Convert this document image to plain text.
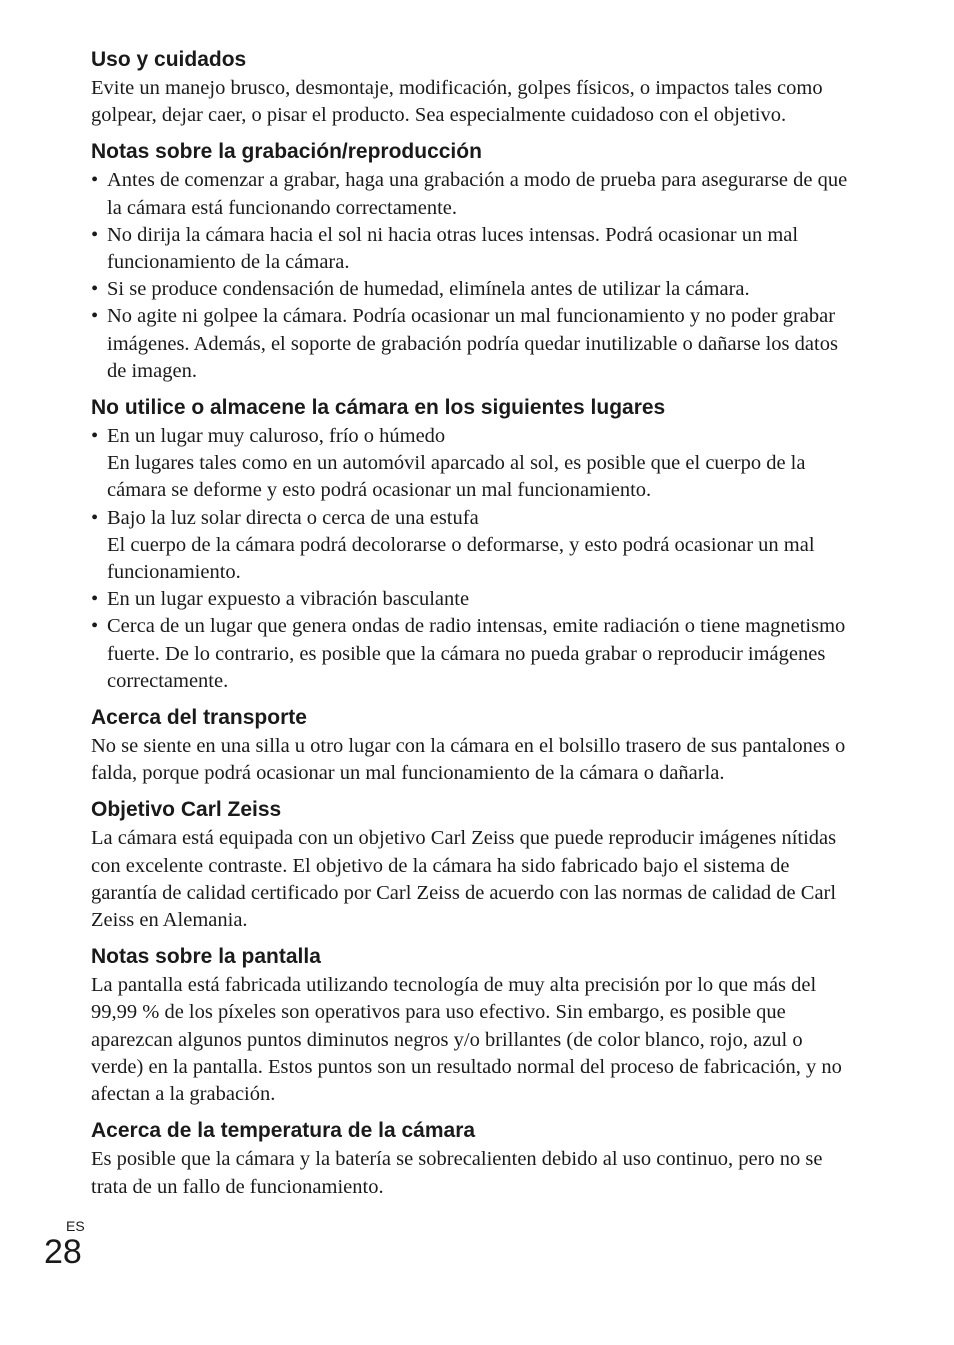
Uso y cuidados

Evite un manejo brusco, desmontaje, modificación, golpes físicos, o impactos tales como golpear, dejar caer, o pisar el producto. Sea especialmente cuidadoso con el objetivo.

Notas sobre la grabación/reproducción
• Antes de comenzar a grabar, haga una grabación a modo de prueba para asegurarse de que la cámara está funcionando correctamente.
• No dirija la cámara hacia el sol ni hacia otras luces intensas. Podrá ocasionar un mal funcionamiento de la cámara.
• Si se produce condensación de humedad, elimínela antes de utilizar la cámara.
• No agite ni golpee la cámara. Podría ocasionar un mal funcionamiento y no poder grabar imágenes. Además, el soporte de grabación podría quedar inutilizable o dañarse los datos de imagen.
No utilice o almacene la cámara en los siguientes lugares
• En un lugar muy caluroso, frío o húmedo
En lugares tales como en un automóvil aparcado al sol, es posible que el cuerpo de la cámara se deforme y esto podrá ocasionar un mal funcionamiento.
• Bajo la luz solar directa o cerca de una estufa
El cuerpo de la cámara podrá decolorarse o deformarse, y esto podrá ocasionar un mal funcionamiento.
• En un lugar expuesto a vibración basculante
• Cerca de un lugar que genera ondas de radio intensas, emite radiación o tiene magnetismo fuerte. De lo contrario, es posible que la cámara no pueda grabar o reproducir imágenes correctamente.
Acerca del transporte

No se siente en una silla u otro lugar con la cámara en el bolsillo trasero de sus pantalones o falda, porque podrá ocasionar un mal funcionamiento de la cámara o dañarla.

Objetivo Carl Zeiss

La cámara está equipada con un objetivo Carl Zeiss que puede reproducir imágenes nítidas con excelente contraste. El objetivo de la cámara ha sido fabricado bajo el sistema de garantía de calidad certificado por Carl Zeiss de acuerdo con las normas de calidad de Carl Zeiss en Alemania.

Notas sobre la pantalla

La pantalla está fabricada utilizando tecnología de muy alta precisión por lo que más del 99,99 % de los píxeles son operativos para uso efectivo. Sin embargo, es posible que aparezcan algunos puntos diminutos negros y/o brillantes (de color blanco, rojo, azul o verde) en la pantalla. Estos puntos son un resultado normal del proceso de fabricación, y no afectan a la grabación.

Acerca de la temperatura de la cámara

Es posible que la cámara y la batería se sobrecalienten debido al uso continuo, pero no se trata de un fallo de funcionamiento.

ES
28
